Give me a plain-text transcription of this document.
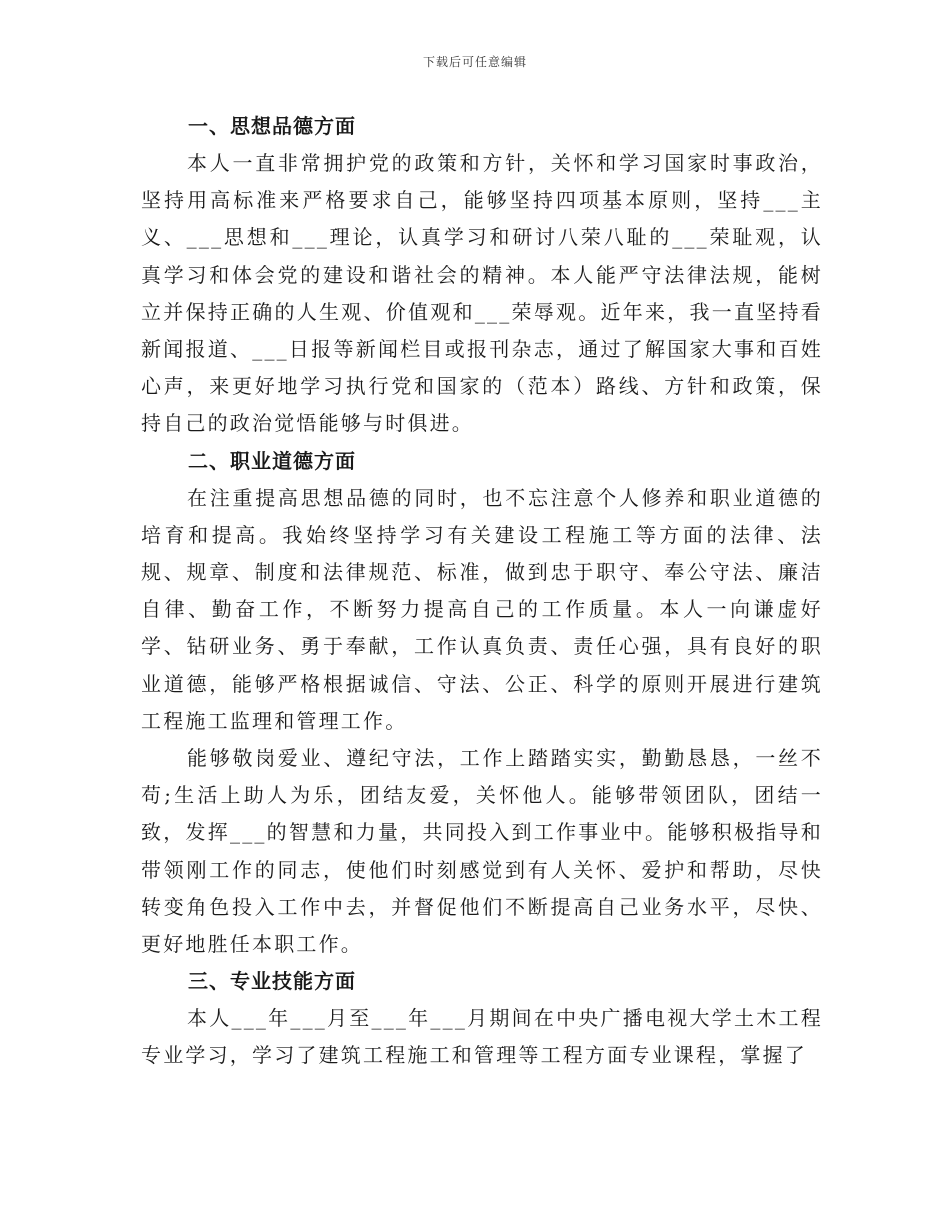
下载后可任意编辑
一、思想品德方面

本人一直非常拥护党的政策和方针，关怀和学习国家时事政治，坚持用高标准来严格要求自己，能够坚持四项基本原则，坚持___主义、___思想和___理论，认真学习和研讨八荣八耻的___荣耻观，认真学习和体会党的建设和谐社会的精神。本人能严守法律法规，能树立并保持正确的人生观、价值观和___荣辱观。近年来，我一直坚持看新闻报道、___日报等新闻栏目或报刊杂志，通过了解国家大事和百姓心声，来更好地学习执行党和国家的（范本）路线、方针和政策，保持自己的政治觉悟能够与时俱进。

二、职业道德方面

在注重提高思想品德的同时，也不忘注意个人修养和职业道德的培育和提高。我始终坚持学习有关建设工程施工等方面的法律、法规、规章、制度和法律规范、标准，做到忠于职守、奉公守法、廉洁自律、勤奋工作，不断努力提高自己的工作质量。本人一向谦虚好学、钻研业务、勇于奉献，工作认真负责、责任心强，具有良好的职业道德，能够严格根据诚信、守法、公正、科学的原则开展进行建筑工程施工监理和管理工作。

能够敬岗爱业、遵纪守法，工作上踏踏实实，勤勤恳恳，一丝不苟;生活上助人为乐，团结友爱，关怀他人。能够带领团队，团结一致，发挥___的智慧和力量，共同投入到工作事业中。能够积极指导和带领刚工作的同志，使他们时刻感觉到有人关怀、爱护和帮助，尽快转变角色投入工作中去，并督促他们不断提高自己业务水平，尽快、更好地胜任本职工作。

三、专业技能方面

本人___年___月至___年___月期间在中央广播电视大学土木工程专业学习，学习了建筑工程施工和管理等工程方面专业课程，掌握了
